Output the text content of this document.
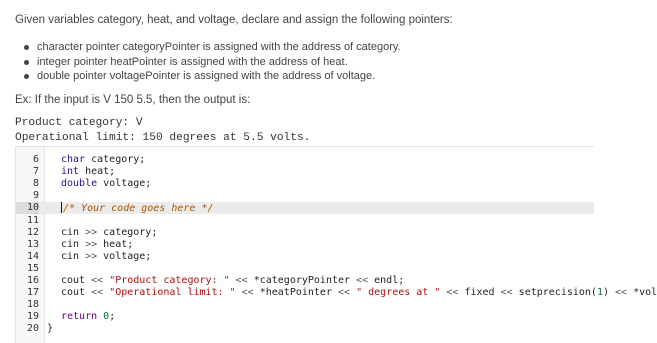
Given variables category, heat, and voltage, declare and assign the following pointers:
character pointer categoryPointer is assigned with the address of category.
integer pointer heatPointer is assigned with the address of heat.
double pointer voltagePointer is assigned with the address of voltage.
Ex: If the input is V 150 5.5, then the output is:
Product category: V
Operational limit: 150 degrees at 5.5 volts.
6 char category;
7 int heat;
8 double voltage;
9
10 /* Your code goes here */
11
12 cin >> category;
13 cin >> heat;
14 cin >> voltage;
15
16 cout << "Product category: " << *categoryPointer << endl;
17 cout << "Operational limit: " << *heatPointer << " degrees at " << fixed << setprecision(1) << *vol
18
19 return 0;
20 }
